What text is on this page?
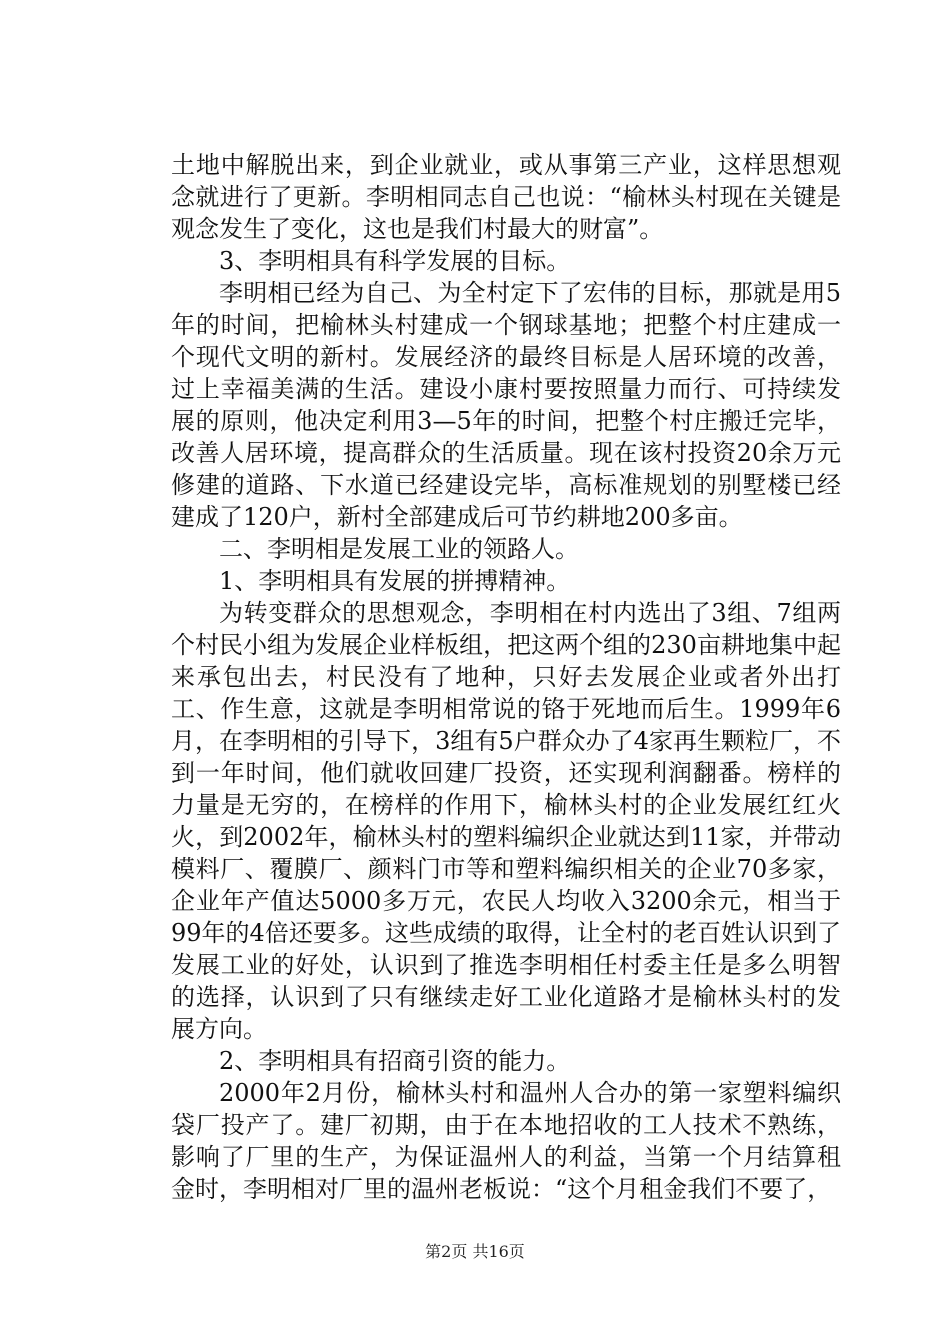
土地中解脱出来，到企业就业，或从事第三产业，这样思想观念就进行了更新。李明相同志自己也说：“榆林头村现在关键是观念发生了变化，这也是我们村最大的财富”。

3、李明相具有科学发展的目标。

李明相已经为自己、为全村定下了宏伟的目标，那就是用5年的时间，把榆林头村建成一个钢球基地；把整个村庄建成一个现代文明的新村。发展经济的最终目标是人居环境的改善，过上幸福美满的生活。建设小康村要按照量力而行、可持续发展的原则，他决定利用3—5年的时间，把整个村庄搬迁完毕，改善人居环境，提高群众的生活质量。现在该村投资20余万元修建的道路、下水道已经建设完毕，高标准规划的别墅楼已经建成了120户，新村全部建成后可节约耕地200多亩。

二、李明相是发展工业的领路人。

1、李明相具有发展的拼搏精神。

为转变群众的思想观念，李明相在村内选出了3组、7组两个村民小组为发展企业样板组，把这两个组的230亩耕地集中起来承包出去，村民没有了地种，只好去发展企业或者外出打工、作生意，这就是李明相常说的铬于死地而后生。1999年6月，在李明相的引导下，3组有5户群众办了4家再生颗粒厂，不到一年时间，他们就收回建厂投资，还实现利润翻番。榜样的力量是无穷的，在榜样的作用下，榆林头村的企业发展红红火火，到2002年，榆林头村的塑料编织企业就达到11家，并带动模料厂、覆膜厂、颜料门市等和塑料编织相关的企业70多家，企业年产值达5000多万元，农民人均收入3200余元，相当于99年的4倍还要多。这些成绩的取得，让全村的老百姓认识到了发展工业的好处，认识到了推选李明相任村委主任是多么明智的选择，认识到了只有继续走好工业化道路才是榆林头村的发展方向。

2、李明相具有招商引资的能力。

2000年2月份，榆林头村和温州人合办的第一家塑料编织袋厂投产了。建厂初期，由于在本地招收的工人技术不熟练，影响了厂里的生产，为保证温州人的利益，当第一个月结算租金时，李明相对厂里的温州老板说：“这个月租金我们不要了，

第2页 共16页
